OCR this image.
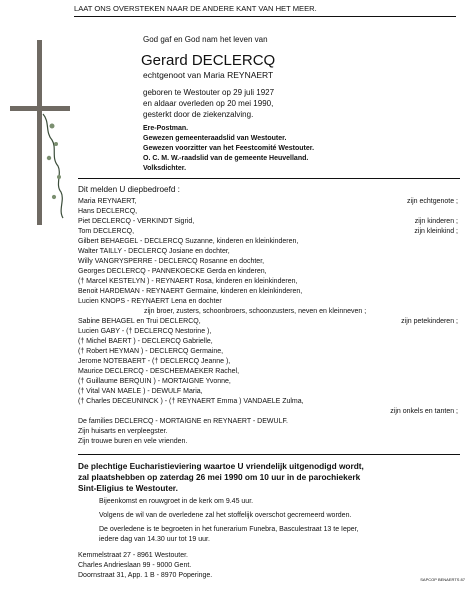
LAAT ONS OVERSTEKEN NAAR DE ANDERE KANT VAN HET MEER.
God gaf en God nam het leven van
Gerard DECLERCQ
echtgenoot van Maria REYNAERT
geboren te Westouter op 29 juli 1927
en aldaar overleden op 20 mei 1990,
gesterkt door de ziekenzalving.
Ere-Postman.
Gewezen gemeenteraadslid van Westouter.
Gewezen voorzitter van het Feestcomité Westouter.
O. C. M. W.-raadslid van de gemeente Heuvelland.
Volksdichter.
Dit melden U diepbedroefd :
Maria REYNAERT,	zijn echtgenote ;
Hans DECLERCQ,
Piet DECLERCQ - VERKINDT Sigrid,	zijn kinderen ;
Tom DECLERCQ,	zijn kleinkind ;
Gilbert BEHAEGEL - DECLERCQ Suzanne, kinderen en kleinkinderen,
Walter TAILLY - DECLERCQ Josiane en dochter,
Willy VANGRYSPERRE - DECLERCQ Rosanne en dochter,
Georges DECLERCQ - PANNEKOECKE Gerda en kinderen,
(† Marcel KESTELYN ) - REYNAERT Rosa, kinderen en kleinkinderen,
Benoit HARDEMAN - REYNAERT Germaine, kinderen en kleinkinderen,
Lucien KNOPS - REYNAERT Lena en dochter
zijn broer, zusters, schoonbroers, schoonzusters, neven en kleinneven ;
Sabine BEHAGEL en Trui DECLERCQ,	zijn petekinderen ;
Lucien GABY - († DECLERCQ Nestorine ),
(† Michel BAERT ) - DECLERCQ Gabrielle,
(† Robert HEYMAN ) - DECLERCQ Germaine,
Jerome NOTEBAERT - († DECLERCQ Jeanne ),
Maurice DECLERCQ - DESCHEEMAEKER Rachel,
(† Guillaume BERQUIN ) - MORTAIGNE Yvonne,
(† Vital VAN MAELE ) - DEWULF Maria,
(† Charles DECEUNINCK ) - († REYNAERT Emma ) VANDAELE Zulma,
zijn onkels en tanten ;
De families DECLERCQ - MORTAIGNE en REYNAERT - DEWULF.
Zijn huisarts en verpleegster.
Zijn trouwe buren en vele vrienden.
De plechtige Eucharistieviering waartoe U vriendelijk uitgenodigd wordt,
zal plaatshebben op zaterdag 26 mei 1990 om 10 uur in de parochiekerk
Sint-Eligius te Westouter.
Bijeenkomst en rouwgroet in de kerk om 9.45 uur.
Volgens de wil van de overledene zal het stoffelijk overschot gecremeerd worden.
De overledene is te begroeten in het funerarium Funebra, Basculestraat 13 te Ieper,
iedere dag van 14.30 uur tot 19 uur.
Kemmelstraat 27 - 8961 Westouter.
Charles Andrieslaan 99 - 9000 Gent.
Doornstraat 31, App. 1 B - 8970 Poperinge.
SAPCOP BENAERTS 87
